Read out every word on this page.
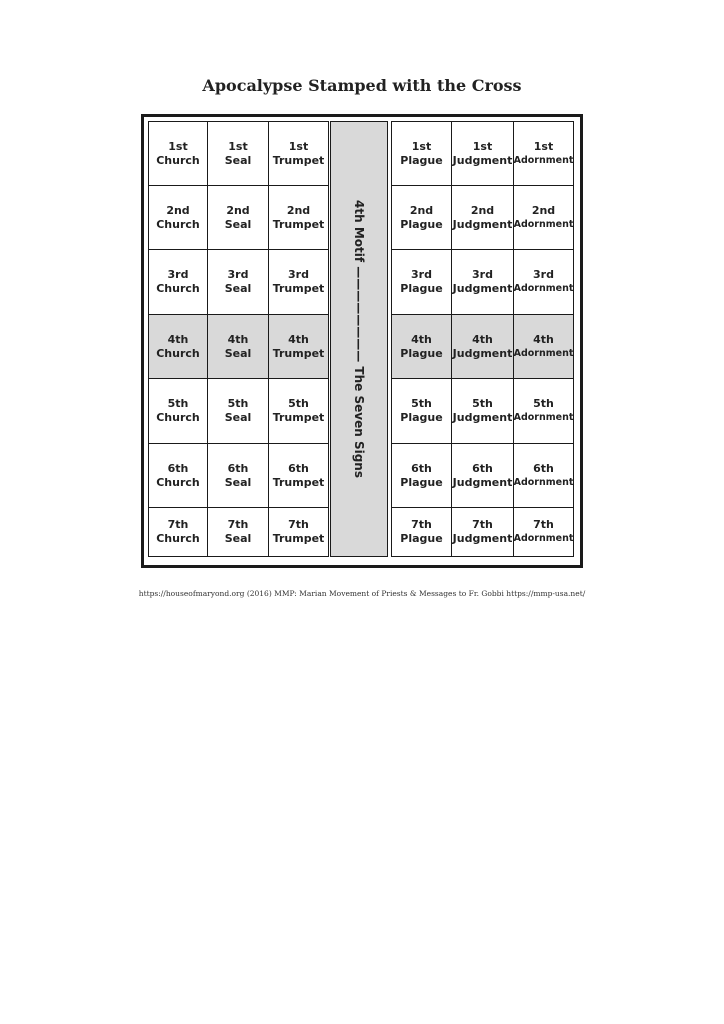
Apocalypse Stamped with the Cross
1st
Church
1st
Seal
1st
Trumpet
1st
Plague
1st
Judgment
1st
Adornment
2nd
Church
2nd
Seal
2nd
Trumpet
2nd
Plague
2nd
Judgment
2nd
Adornment
3rd
Church
3rd
Seal
3rd
Trumpet
3rd
Plague
3rd
Judgment
3rd
Adornment
4th
Church
4th
Seal
4th
Trumpet
4th
Plague
4th
Judgment
4th
Adornment
5th
Church
5th
Seal
5th
Trumpet
5th
Plague
5th
Judgment
5th
Adornment
6th
Church
6th
Seal
6th
Trumpet
6th
Plague
6th
Judgment
6th
Adornment
7th
Church
7th
Seal
7th
Trumpet
7th
Plague
7th
Judgment
7th
Adornment
4th Motif ———————— The Seven Signs
https://houseofmaryond.org (2016) MMP: Marian Movement of Priests & Messages to Fr. Gobbi https://mmp-usa.net/
